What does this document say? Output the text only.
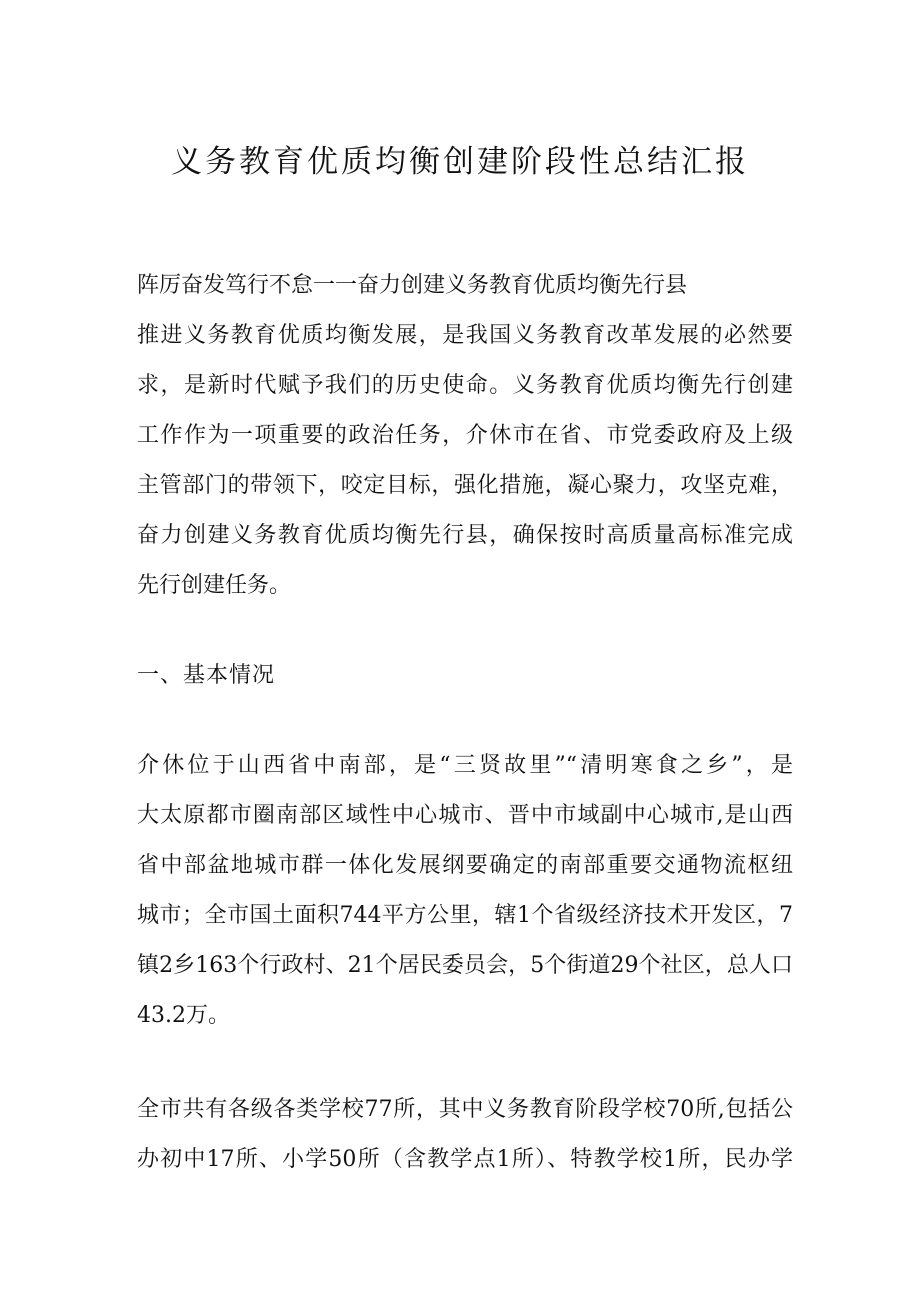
义务教育优质均衡创建阶段性总结汇报

阵厉奋发笃行不怠一一奋力创建义务教育优质均衡先行县

推进义务教育优质均衡发展，是我国义务教育改革发展的必然要

求，是新时代赋予我们的历史使命。义务教育优质均衡先行创建

工作作为一项重要的政治任务，介休市在省、市党委政府及上级

主管部门的带领下，咬定目标，强化措施，凝心聚力，攻坚克难，

奋力创建义务教育优质均衡先行县，确保按时高质量高标准完成

先行创建任务。

一、基本情况

介休位于山西省中南部，是“三贤故里”“清明寒食之乡”，是

大太原都市圈南部区域性中心城市、晋中市域副中心城市,是山西

省中部盆地城市群一体化发展纲要确定的南部重要交通物流枢纽

城市；全市国土面积744平方公里，辖1个省级经济技术开发区，7

镇2乡163个行政村、21个居民委员会，5个街道29个社区，总人口

43.2万。

全市共有各级各类学校77所，其中义务教育阶段学校70所,包括公

办初中17所、小学50所（含教学点1所）、特教学校1所，民办学
